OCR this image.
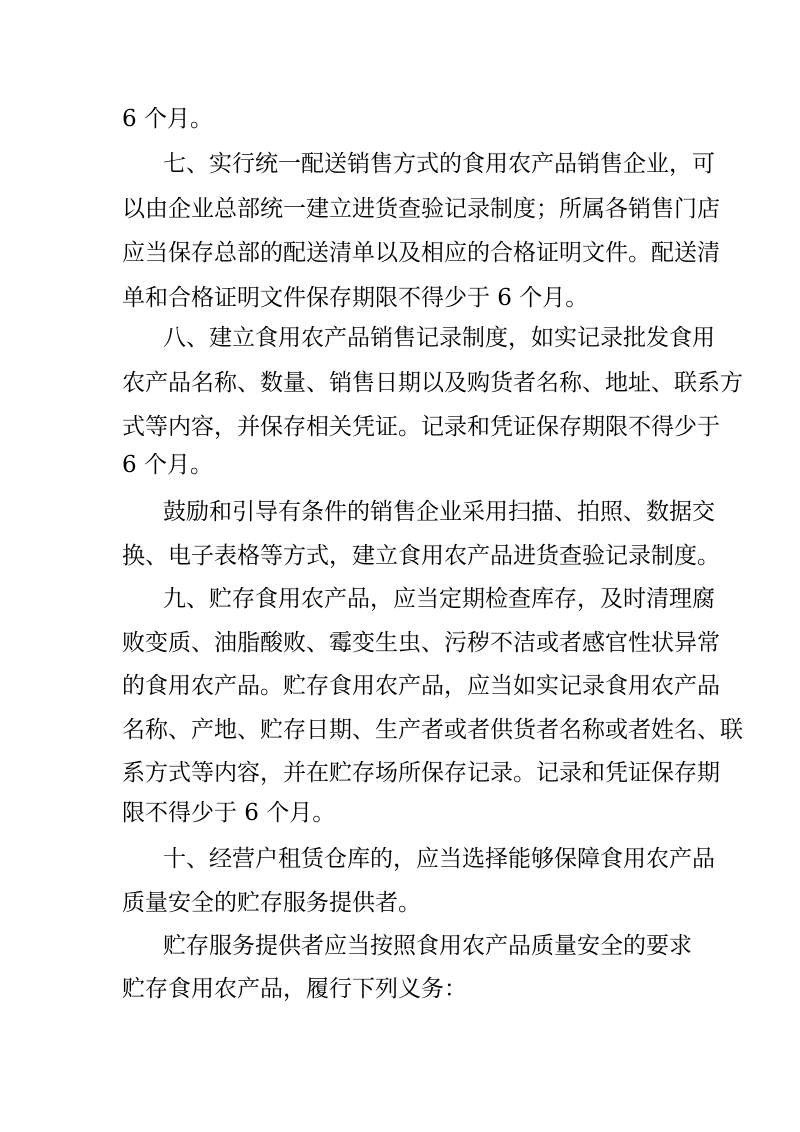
6 个月。
七、实行统一配送销售方式的食用农产品销售企业，可
以由企业总部统一建立进货查验记录制度；所属各销售门店
应当保存总部的配送清单以及相应的合格证明文件。配送清
单和合格证明文件保存期限不得少于 6 个月。
八、建立食用农产品销售记录制度，如实记录批发食用
农产品名称、数量、销售日期以及购货者名称、地址、联系方
式等内容，并保存相关凭证。记录和凭证保存期限不得少于
6 个月。
鼓励和引导有条件的销售企业采用扫描、拍照、数据交
换、电子表格等方式，建立食用农产品进货查验记录制度。
九、贮存食用农产品，应当定期检查库存，及时清理腐
败变质、油脂酸败、霉变生虫、污秽不洁或者感官性状异常
的食用农产品。贮存食用农产品，应当如实记录食用农产品
名称、产地、贮存日期、生产者或者供货者名称或者姓名、联
系方式等内容，并在贮存场所保存记录。记录和凭证保存期
限不得少于 6 个月。
十、经营户租赁仓库的，应当选择能够保障食用农产品
质量安全的贮存服务提供者。
贮存服务提供者应当按照食用农产品质量安全的要求
贮存食用农产品，履行下列义务：
